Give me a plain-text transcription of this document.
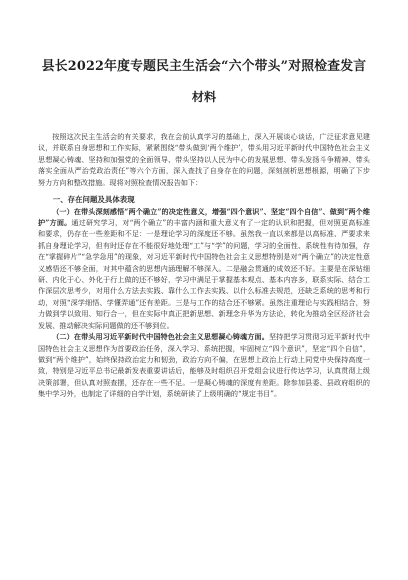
县长2022年度专题民主生活会“六个带头”对照检查发言
材料

按照这次民主生活会的有关要求，我在会前认真学习的基础上，深入开展谈心谈话，广泛征求意见建议，并联系自身思想和工作实际，紧紧围绕“带头做到‘两个维护’，带头用习近平新时代中国特色社会主义思想凝心铸魂、坚持和加强党的全面领导、带头坚持以人民为中心的发展思想、带头发扬斗争精神、带头落实全面从严治党政治责任”等六个方面，深入查找了自身存在的问题，深刻剖析思想根源，明确了下步努力方向和整改措施。现将对照检查情况报告如下：

一、存在问题及具体表现

（一）在带头深刻感悟“两个确立”的决定性意义，增强“四个意识”、坚定“四个自信”、做到“两个维护”方面。通过研究学习，对“两个确立”的丰富内涵和重大意义有了一定的认识和把握，但对照更高标准和要求，仍存在一些差距和不足：一是理论学习的深度还不够。虽然我一直以来都是以高标准、严要求来抓自身理论学习，但有时还存在不能很好地处理“工”与“学”的问题，学习的全面性、系统性有待加强，存在“掌握碎片”“急学急用”的现象，对习近平新时代中国特色社会主义思想特别是对“两个确立”的决定性意义感悟还不够全面，对其中蕴含的思想内涵理解不够深入。二是融会贯通的成效还不好。主要是在深钻细研、内化于心、外化于行上做的还不够好，学习中满足于掌握基本观点、基本内容多，联系实际、结合工作深层次思考少，对用什么方法去实践、靠什么工作去实践、以什么标准去规范，还缺乏系统的思考和行动，对照“深学细悟、学懂弄通”还有差距。三是与工作的结合还不够紧。虽然注重理论与实践相结合，努力做到学以致用、知行合一，但在实际中真正把新思想、新理念升华为方法论，转化为推动全区经济社会发展、推动解决实际问题做的还不够到位。

（二）在带头用习近平新时代中国特色社会主义思想凝心铸魂方面。坚持把学习贯彻习近平新时代中国特色社会主义思想作为首要政治任务，深入学习、系统把握，牢固树立“四个意识”，坚定“四个自信”，做到“两个维护”，始终保持政治定力和韧劲，政治方向不偏，在思想上政治上行动上同党中央保持高度一致，特别是习近平总书记最新发表重要讲话后，能够及时组织召开党组会议进行传达学习，认真贯彻上级决策部署，但认真对照查摆，还存在一些不足。一是凝心铸魂的深度有差距。除参加县委、县政府组织的集中学习外，也制定了详细的自学计划，系统研读了上级明确的“规定书目”。
